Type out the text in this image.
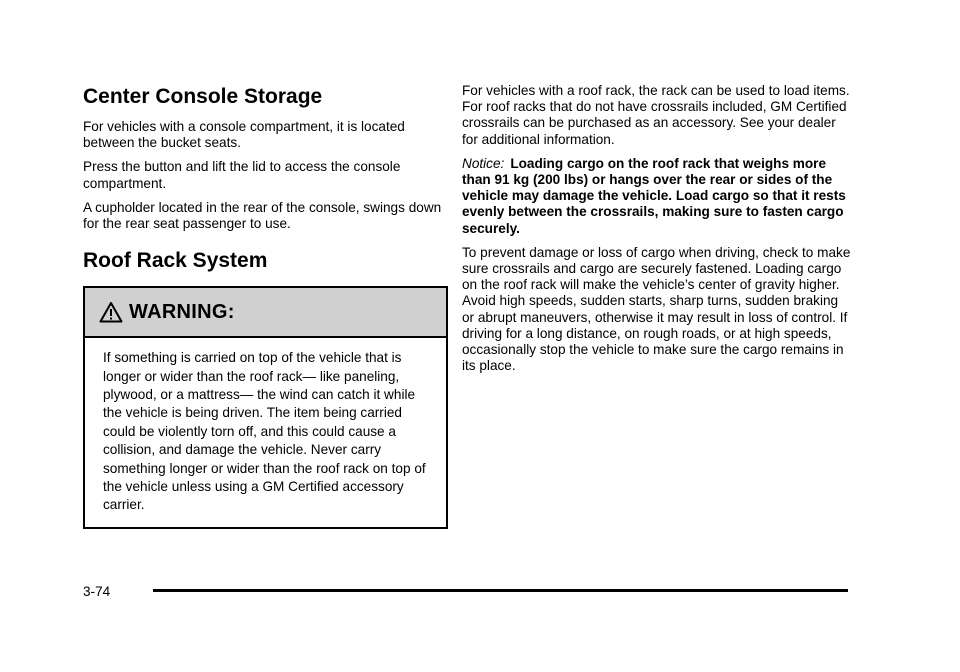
Center Console Storage

For vehicles with a console compartment, it is located between the bucket seats.

Press the button and lift the lid to access the console compartment.

A cupholder located in the rear of the console, swings down for the rear seat passenger to use.

Roof Rack System
WARNING:

If something is carried on top of the vehicle that is longer or wider than the roof rack— like paneling, plywood, or a mattress— the wind can catch it while the vehicle is being driven. The item being carried could be violently torn off, and this could cause a collision, and damage the vehicle. Never carry something longer or wider than the roof rack on top of the vehicle unless using a GM Certified accessory carrier.

For vehicles with a roof rack, the rack can be used to load items. For roof racks that do not have crossrails included, GM Certified crossrails can be purchased as an accessory. See your dealer for additional information.

Notice: Loading cargo on the roof rack that weighs more than 91 kg (200 lbs) or hangs over the rear or sides of the vehicle may damage the vehicle. Load cargo so that it rests evenly between the crossrails, making sure to fasten cargo securely.

To prevent damage or loss of cargo when driving, check to make sure crossrails and cargo are securely fastened. Loading cargo on the roof rack will make the vehicle’s center of gravity higher. Avoid high speeds, sudden starts, sharp turns, sudden braking or abrupt maneuvers, otherwise it may result in loss of control. If driving for a long distance, on rough roads, or at high speeds, occasionally stop the vehicle to make sure the cargo remains in its place.

3-74
